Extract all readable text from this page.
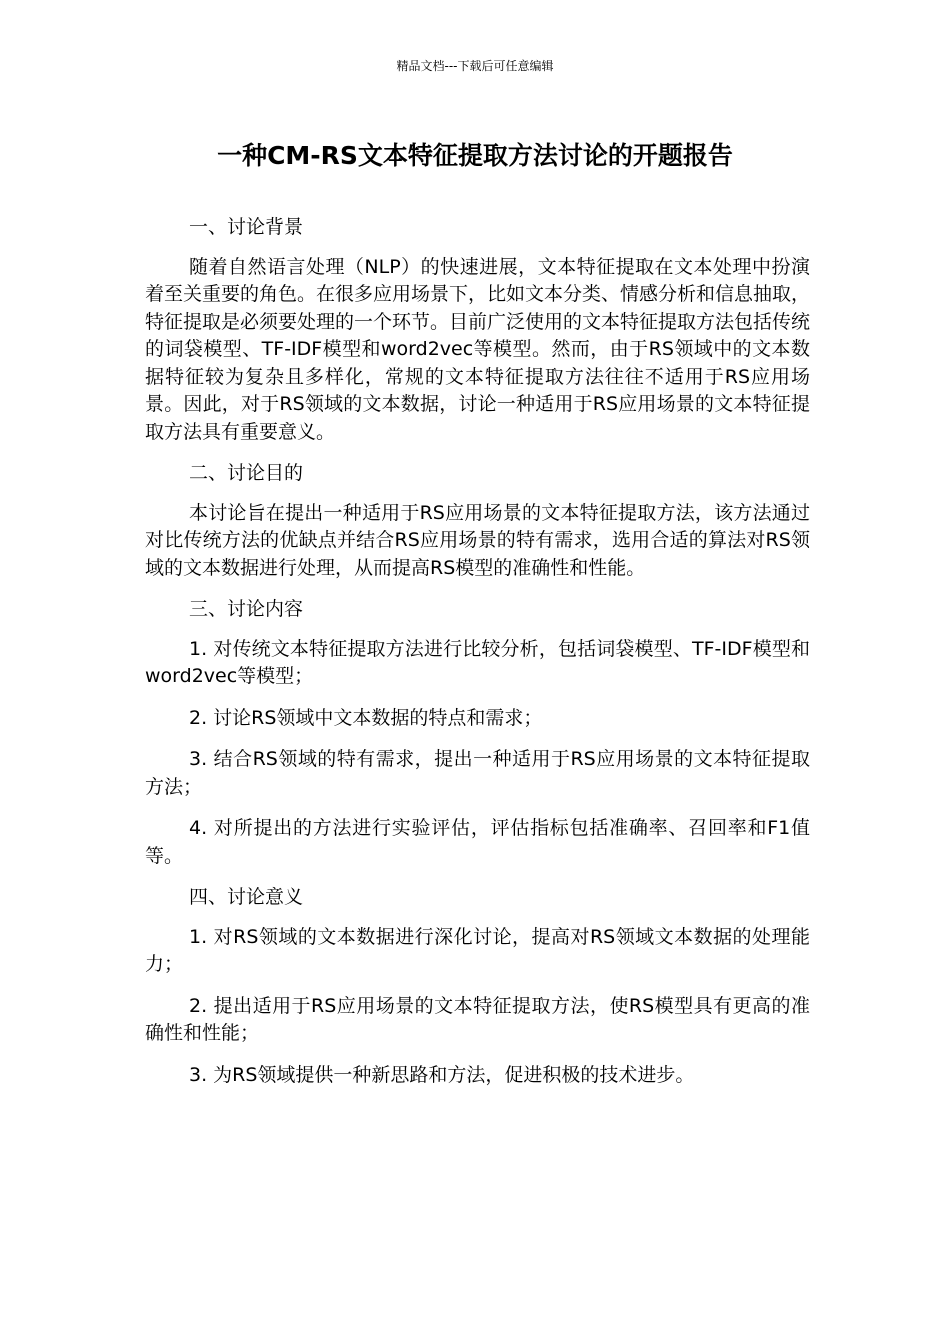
精品文档---下载后可任意编辑
一种CM-RS文本特征提取方法讨论的开题报告

一、讨论背景

随着自然语言处理（NLP）的快速进展，文本特征提取在文本处理中扮演着至关重要的角色。在很多应用场景下，比如文本分类、情感分析和信息抽取，特征提取是必须要处理的一个环节。目前广泛使用的文本特征提取方法包括传统的词袋模型、TF-IDF模型和word2vec等模型。然而，由于RS领域中的文本数据特征较为复杂且多样化，常规的文本特征提取方法往往不适用于RS应用场景。因此，对于RS领域的文本数据，讨论一种适用于RS应用场景的文本特征提取方法具有重要意义。

二、讨论目的

本讨论旨在提出一种适用于RS应用场景的文本特征提取方法，该方法通过对比传统方法的优缺点并结合RS应用场景的特有需求，选用合适的算法对RS领域的文本数据进行处理，从而提高RS模型的准确性和性能。

三、讨论内容

1. 对传统文本特征提取方法进行比较分析，包括词袋模型、TF-IDF模型和word2vec等模型；

2. 讨论RS领域中文本数据的特点和需求；

3. 结合RS领域的特有需求，提出一种适用于RS应用场景的文本特征提取方法；

4. 对所提出的方法进行实验评估，评估指标包括准确率、召回率和F1值等。

四、讨论意义

1. 对RS领域的文本数据进行深化讨论，提高对RS领域文本数据的处理能力；

2. 提出适用于RS应用场景的文本特征提取方法，使RS模型具有更高的准确性和性能；

3. 为RS领域提供一种新思路和方法，促进积极的技术进步。
